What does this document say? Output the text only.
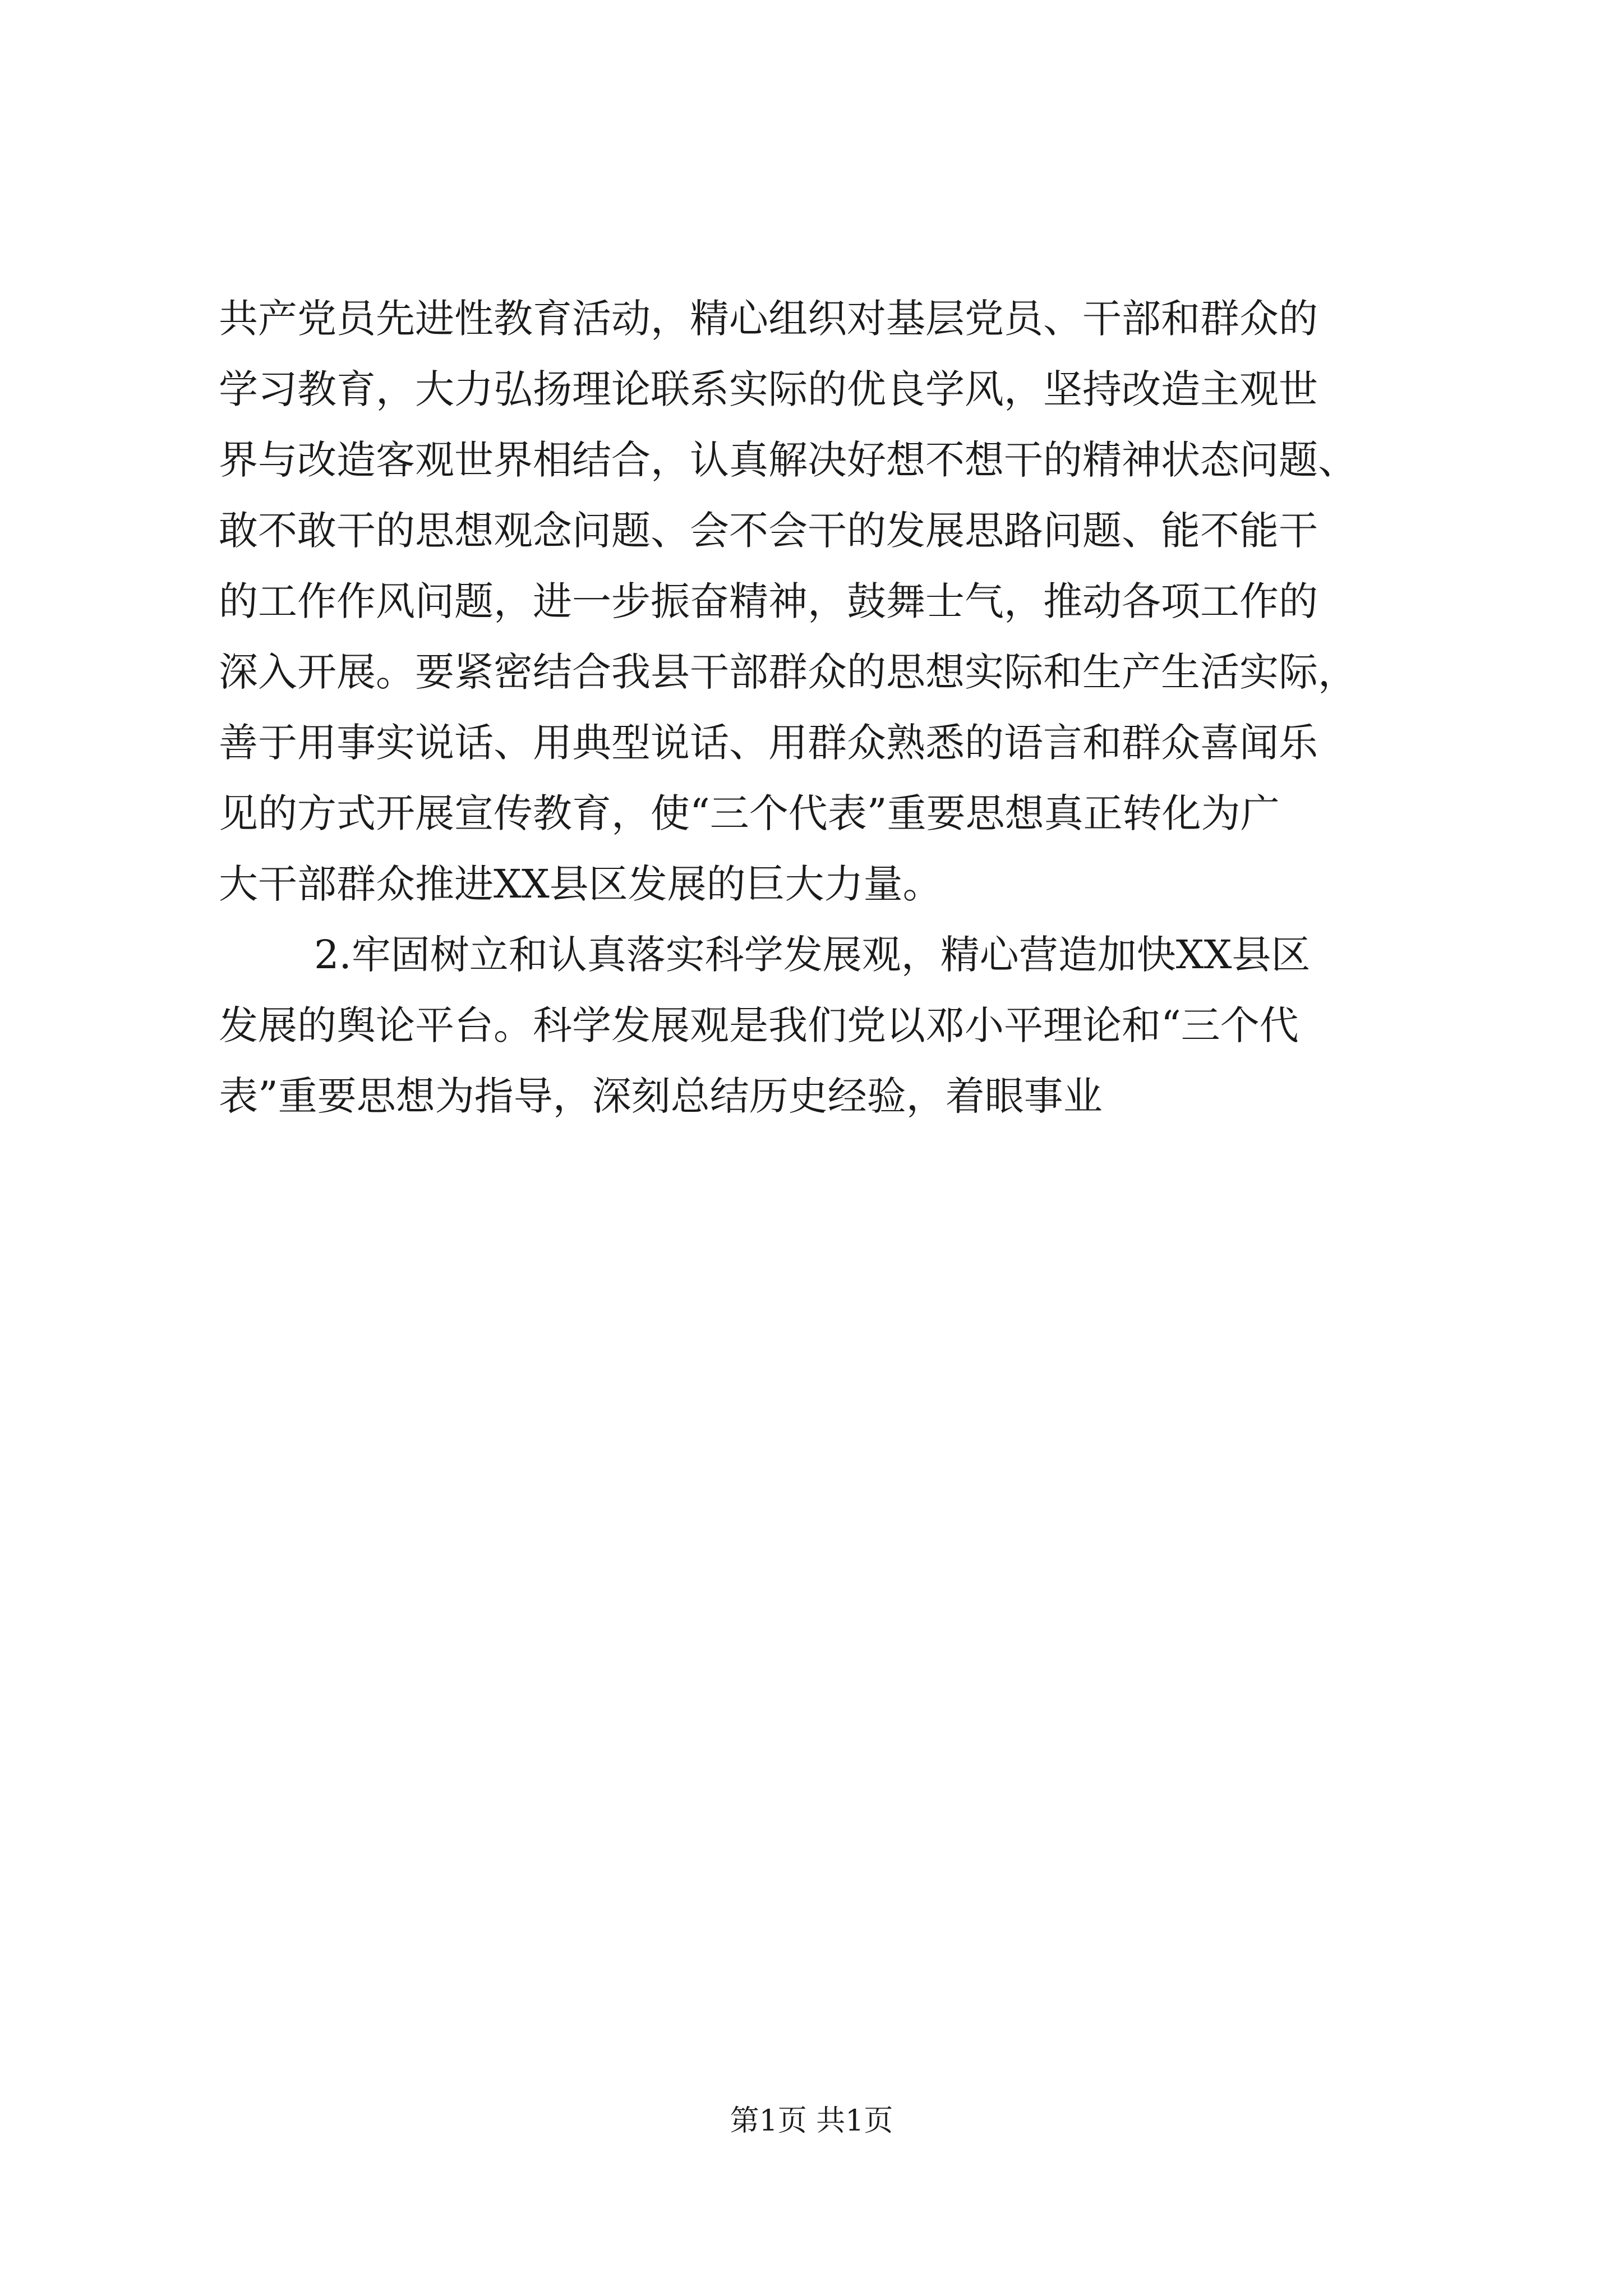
共产党员先进性教育活动，精心组织对基层党员、干部和群众的
学习教育，大力弘扬理论联系实际的优良学风，坚持改造主观世
界与改造客观世界相结合，认真解决好想不想干的精神状态问题、
敢不敢干的思想观念问题、会不会干的发展思路问题、能不能干
的工作作风问题，进一步振奋精神，鼓舞士气，推动各项工作的
深入开展。要紧密结合我县干部群众的思想实际和生产生活实际，
善于用事实说话、用典型说话、用群众熟悉的语言和群众喜闻乐
见的方式开展宣传教育，使“三个代表”重要思想真正转化为广
大干部群众推进XX县区发展的巨大力量。
2.牢固树立和认真落实科学发展观，精心营造加快XX县区
发展的舆论平台。科学发展观是我们党以邓小平理论和“三个代
表”重要思想为指导，深刻总结历史经验，着眼事业
第1页 共1页
